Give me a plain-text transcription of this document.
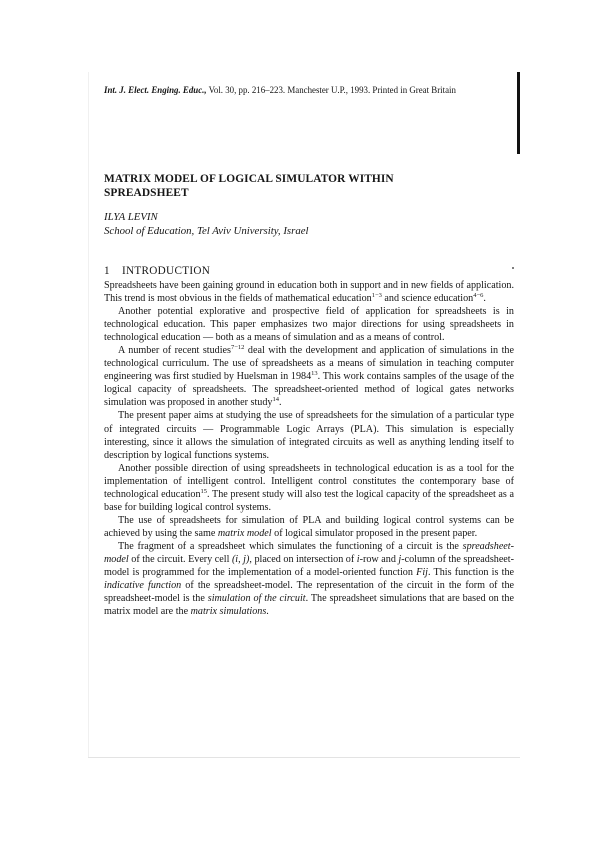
Int. J. Elect. Enging. Educ., Vol. 30, pp. 216–223. Manchester U.P., 1993. Printed in Great Britain
MATRIX MODEL OF LOGICAL SIMULATOR WITHIN
SPREADSHEET
ILYA LEVIN
School of Education, Tel Aviv University, Israel
1 INTRODUCTION

Spreadsheets have been gaining ground in education both in support and in new fields of application. This trend is most obvious in the fields of mathematical education$^{1-3}$ and science education$^{4-6}$.

Another potential explorative and prospective field of application for spreadsheets is in technological education. This paper emphasizes two major directions for using spreadsheets in technological education — both as a means of simulation and as a means of control.

A number of recent studies$^{7-12}$ deal with the development and application of simulations in the technological curriculum. The use of spreadsheets as a means of simulation in teaching computer engineering was first studied by Huelsman in 1984$^{13}$. This work contains samples of the usage of the logical capacity of spreadsheets. The spreadsheet-oriented method of logical gates networks simulation was proposed in another study$^{14}$.

The present paper aims at studying the use of spreadsheets for the simulation of a particular type of integrated circuits — Programmable Logic Arrays (PLA). This simulation is especially interesting, since it allows the simulation of integrated circuits as well as anything lending itself to description by logical functions systems.

Another possible direction of using spreadsheets in technological education is as a tool for the implementation of intelligent control. Intelligent control constitutes the contemporary base of technological education$^{15}$. The present study will also test the logical capacity of the spreadsheet as a base for building logical control systems.

The use of spreadsheets for simulation of PLA and building logical control systems can be achieved by using the same matrix model of logical simulator proposed in the present paper.

The fragment of a spreadsheet which simulates the functioning of a circuit is the spreadsheet-model of the circuit. Every cell (i, j), placed on intersection of i-row and j-column of the spreadsheet-model is programmed for the implementation of a model-oriented function Fij. This function is the indicative function of the spreadsheet-model. The representation of the circuit in the form of the spreadsheet-model is the simulation of the circuit. The spreadsheet simulations that are based on the matrix model are the matrix simulations.
